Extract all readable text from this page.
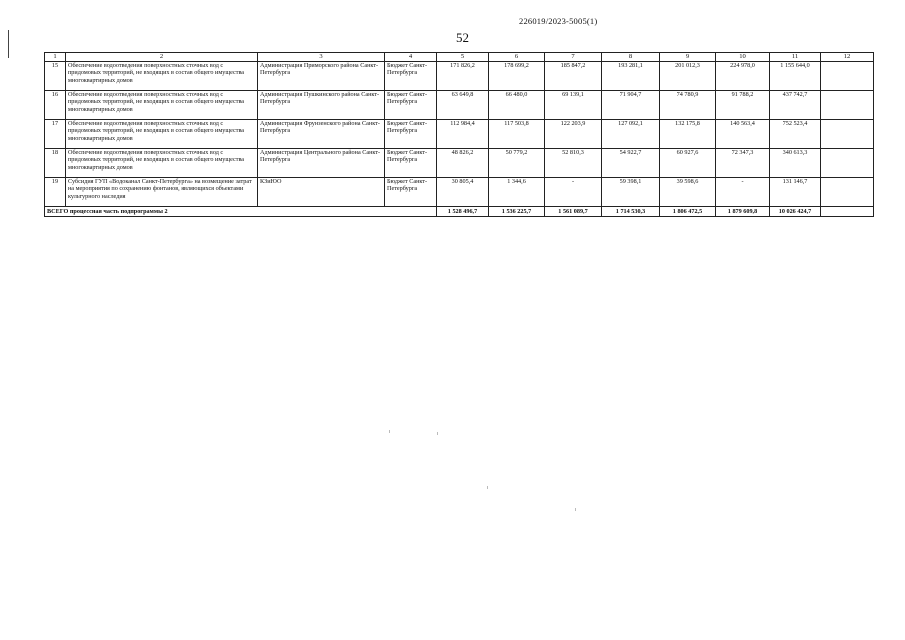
226019/2023-5005(1)
52
1	2	3	4	5	6	7	8	9	10	11	12
15	Обеспечение водоотведения поверхностных сточных вод с придомовых территорий, не входящих в состав общего имущества многоквартирных домов	Администрация Приморского района Санкт-Петербурга	Бюджет Санкт-Петербурга	171 826,2	178 699,2	185 847,2	193 281,1	201 012,3	224 978,0	1 155 644,0	
16	Обеспечение водоотведения поверхностных сточных вод с придомовых территорий, не входящих в состав общего имущества многоквартирных домов	Администрация Пушкинского района Санкт-Петербурга	Бюджет Санкт-Петербурга	63 649,8	66 480,0	69 139,1	71 904,7	74 780,9	91 788,2	437 742,7	
17	Обеспечение водоотведения поверхностных сточных вод с придомовых территорий, не входящих в состав общего имущества многоквартирных домов	Администрация Фрунзенского района Санкт-Петербурга	Бюджет Санкт-Петербурга	112 984,4	117 503,8	122 203,9	127 092,1	132 175,8	140 563,4	752 523,4	
18	Обеспечение водоотведения поверхностных сточных вод с придомовых территорий, не входящих в состав общего имущества многоквартирных домов	Администрация Центрального района Санкт-Петербурга	Бюджет Санкт-Петербурга	48 826,2	50 779,2	52 810,3	54 922,7	60 927,6	72 347,3	340 613,3	
19	Субсидия ГУП «Водоканал Санкт-Петербурга» на возмещение затрат на мероприятия по сохранению фонтанов, являющихся объектами культурного наследия	КЗиЮО	Бюджет Санкт-Петербурга	30 805,4	1 344,6	-	59 398,1	39 598,6	-	131 146,7	
ВСЕГО процессная часть подпрограммы 2				1 528 496,7	1 536 225,7	1 561 089,7	1 714 530,3	1 806 472,5	1 879 609,8	10 026 424,7	
